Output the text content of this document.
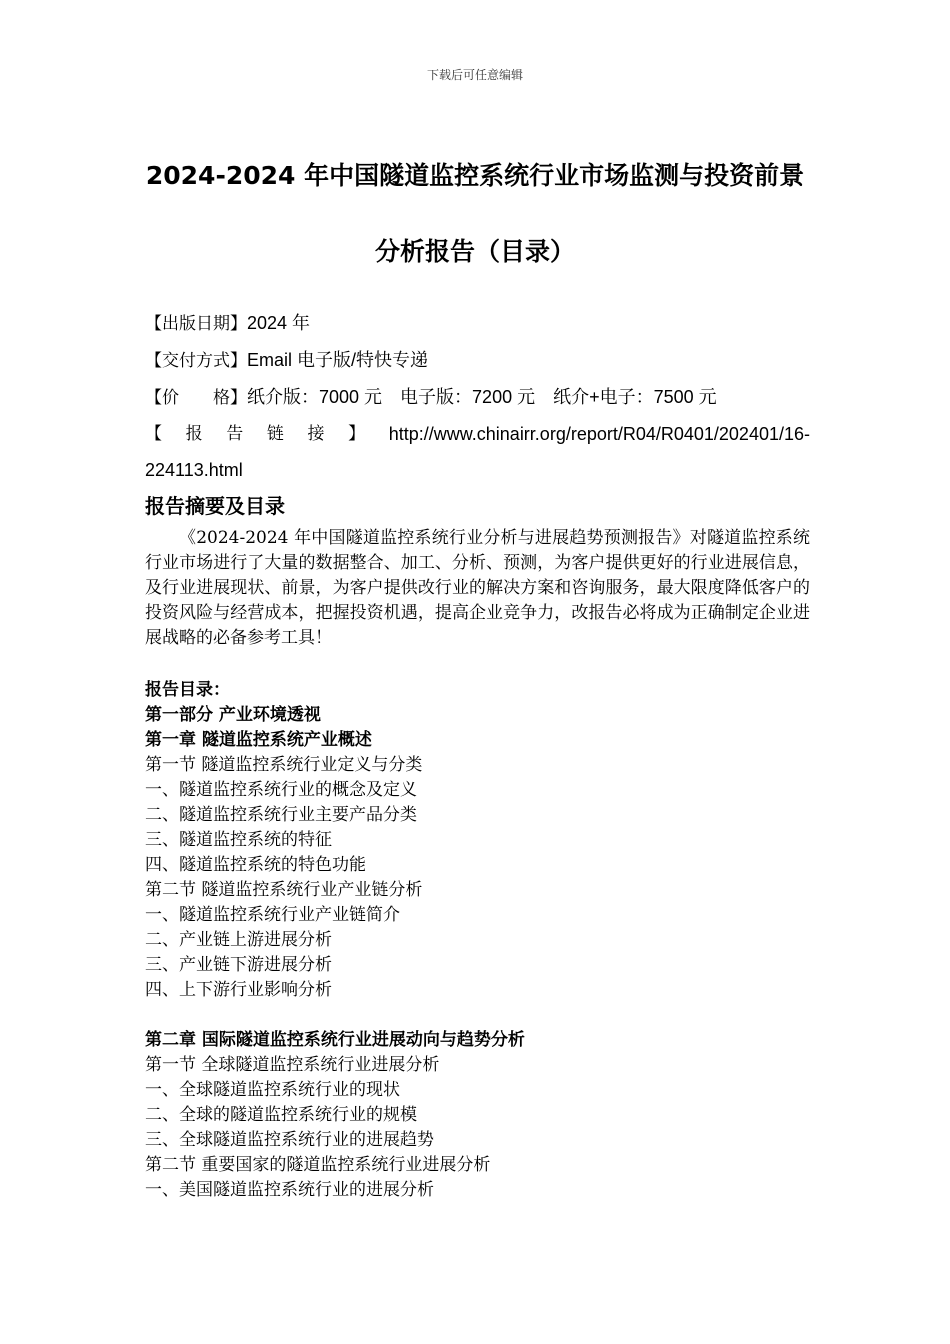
下载后可任意编辑
2024-2024 年中国隧道监控系统行业市场监测与投资前景
分析报告（目录）
【出版日期】2024 年
【交付方式】Email 电子版/特快专递
【价　　格】纸介版：7000 元　电子版：7200 元　纸介+电子：7500 元
【 报 告 链 接 】 http://www.chinairr.org/report/R04/R0401/202401/16-
224113.html
报告摘要及目录

《2024-2024 年中国隧道监控系统行业分析与进展趋势预测报告》对隧道监控系统行业市场进行了大量的数据整合、加工、分析、预测，为客户提供更好的行业进展信息，及行业进展现状、前景，为客户提供改行业的解决方案和咨询服务，最大限度降低客户的投资风险与经营成本，把握投资机遇，提高企业竞争力，改报告必将成为正确制定企业进展战略的必备参考工具！

报告目录：
第一部分 产业环境透视
第一章 隧道监控系统产业概述
第一节 隧道监控系统行业定义与分类
一、隧道监控系统行业的概念及定义
二、隧道监控系统行业主要产品分类
三、隧道监控系统的特征
四、隧道监控系统的特色功能
第二节 隧道监控系统行业产业链分析
一、隧道监控系统行业产业链简介
二、产业链上游进展分析
三、产业链下游进展分析
四、上下游行业影响分析
第二章 国际隧道监控系统行业进展动向与趋势分析
第一节 全球隧道监控系统行业进展分析
一、全球隧道监控系统行业的现状
二、全球的隧道监控系统行业的规模
三、全球隧道监控系统行业的进展趋势
第二节 重要国家的隧道监控系统行业进展分析
一、美国隧道监控系统行业的进展分析
